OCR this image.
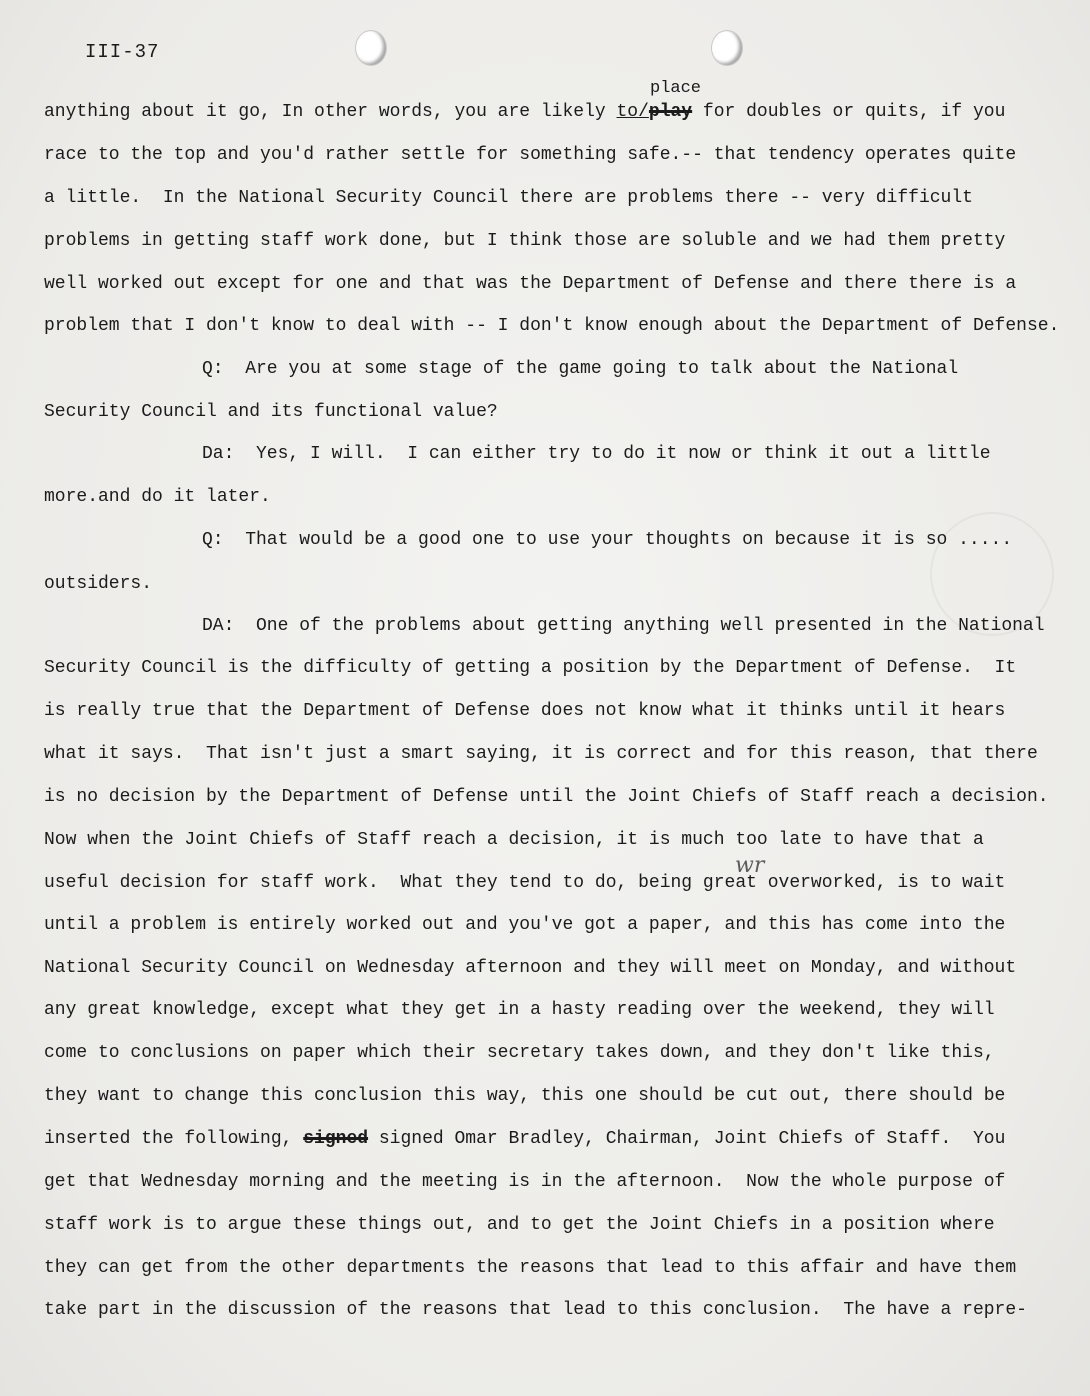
III-37
place
anything about it go, In other words, you are likely to/play for doubles or quits, if you
race to the top and you'd rather settle for something safe.-- that tendency operates quite
a little.  In the National Security Council there are problems there -- very difficult
problems in getting staff work done, but I think those are soluble and we had them pretty
well worked out except for one and that was the Department of Defense and there there is a
problem that I don't know to deal with -- I don't know enough about the Department of Defense.
Q:  Are you at some stage of the game going to talk about the National
Security Council and its functional value?
Da:  Yes, I will.  I can either try to do it now or think it out a little
more.and do it later.
Q:  That would be a good one to use your thoughts on because it is so .....
outsiders.
DA:  One of the problems about getting anything well presented in the National
Security Council is the difficulty of getting a position by the Department of Defense.  It
is really true that the Department of Defense does not know what it thinks until it hears
what it says.  That isn't just a smart saying, it is correct and for this reason, that there
is no decision by the Department of Defense until the Joint Chiefs of Staff reach a decision.
Now when the Joint Chiefs of Staff reach a decision, it is much too late to have that a
useful decision for staff work.  What they tend to do, being great overworked, is to wait
until a problem is entirely worked out and you've got a paper, and this has come into the
National Security Council on Wednesday afternoon and they will meet on Monday, and without
any great knowledge, except what they get in a hasty reading over the weekend, they will
come to conclusions on paper which their secretary takes down, and they don't like this,
they want to change this conclusion this way, this one should be cut out, there should be
inserted the following, signed signed Omar Bradley, Chairman, Joint Chiefs of Staff.  You
get that Wednesday morning and the meeting is in the afternoon.  Now the whole purpose of
staff work is to argue these things out, and to get the Joint Chiefs in a position where
they can get from the other departments the reasons that lead to this affair and have them
take part in the discussion of the reasons that lead to this conclusion.  The have a repre-
wr
